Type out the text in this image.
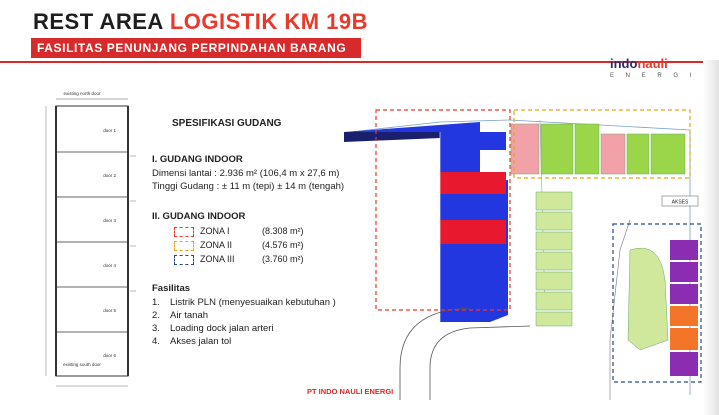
REST AREA LOGISTIK KM 19B
FASILITAS PENUNJANG PERPINDAHAN BARANG
indonauli
E N E R G I
existing north door
door 1
door 2
door 3
door 4
door 5
door 6
existing south door
SPESIFIKASI GUDANG
I. GUDANG INDOOR
Dimensi lantai : 2.936 m² (106,4 m x 27,6 m)
Tinggi Gudang : ± 11 m (tepi) ± 14 m (tengah)
II. GUDANG INDOOR
ZONA I	(8.308 m²)
ZONA II	(4.576 m²)
ZONA III	(3.760 m²)
Fasilitas
1. Listrik PLN (menyesuaikan kebutuhan )
2. Air tanah
3. Loading dock jalan arteri
4. Akses jalan tol
AKSES
PT INDO NAULI ENERGI
